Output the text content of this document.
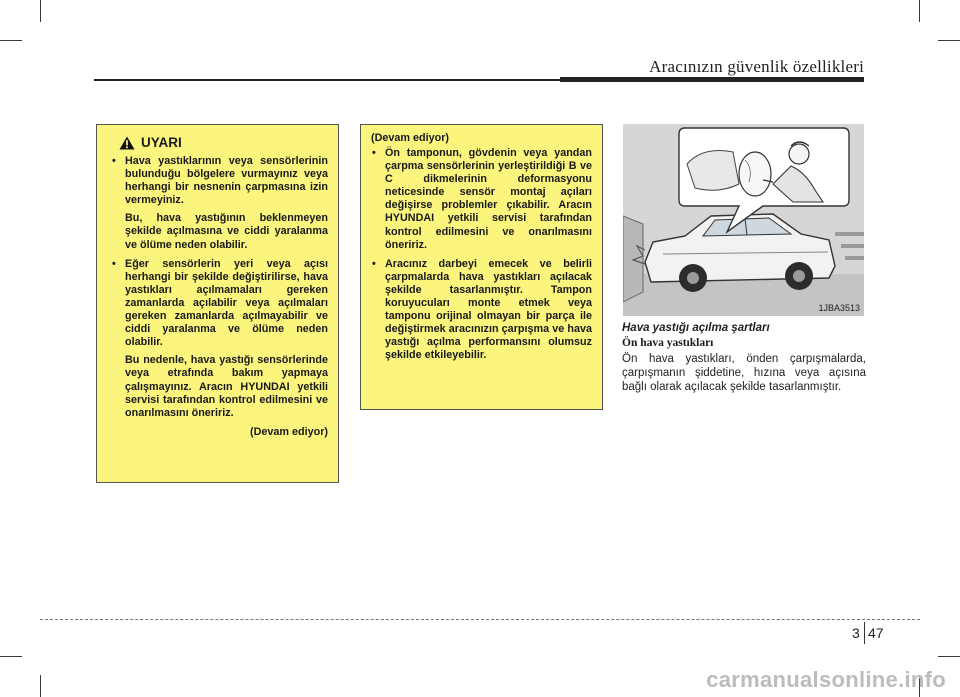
Aracınızın güvenlik özellikleri
UYARI

• Hava yastıklarının veya sensörlerinin bulunduğu bölgelere vurmayınız veya herhangi bir nesnenin çarpmasına izin vermeyiniz.

Bu, hava yastığının beklenmeyen şekilde açılmasına ve ciddi yaralanma ve ölüme neden olabilir.

• Eğer sensörlerin yeri veya açısı herhangi bir şekilde değiştirilirse, hava yastıkları açılmamaları gereken zamanlarda açılabilir veya açılmaları gereken zamanlarda açılmayabilir ve ciddi yaralanma ve ölüme neden olabilir.

Bu nedenle, hava yastığı sensörlerinde veya etrafında bakım yapmaya çalışmayınız. Aracın HYUNDAI yetkili servisi tarafından kontrol edilmesini ve onarılmasını öneririz.

(Devam ediyor)
(Devam ediyor)
• Ön tamponun, gövdenin veya yandan çarpma sensörlerinin yerleştirildiği B ve C dikmelerinin deformasyonu neticesinde sensör montaj açıları değişirse problemler çıkabilir. Aracın HYUNDAI yetkili servisi tarafından kontrol edilmesini ve onarılmasını öneririz.
• Aracınız darbeyi emecek ve belirli çarpmalarda hava yastıkları açılacak şekilde tasarlanmıştır. Tampon koruyucuları monte etmek veya tamponu orijinal olmayan bir parça ile değiştirmek aracınızın çarpışma ve hava yastığı açılma performansını olumsuz şekilde etkileyebilir.
1JBA3513
Hava yastığı açılma şartları
Ön hava yastıkları
Ön hava yastıkları, önden çarpışmalarda, çarpışmanın şiddetine, hızına veya açısına bağlı olarak açılacak şekilde tasarlanmıştır.
3 47
carmanualsonline.info
